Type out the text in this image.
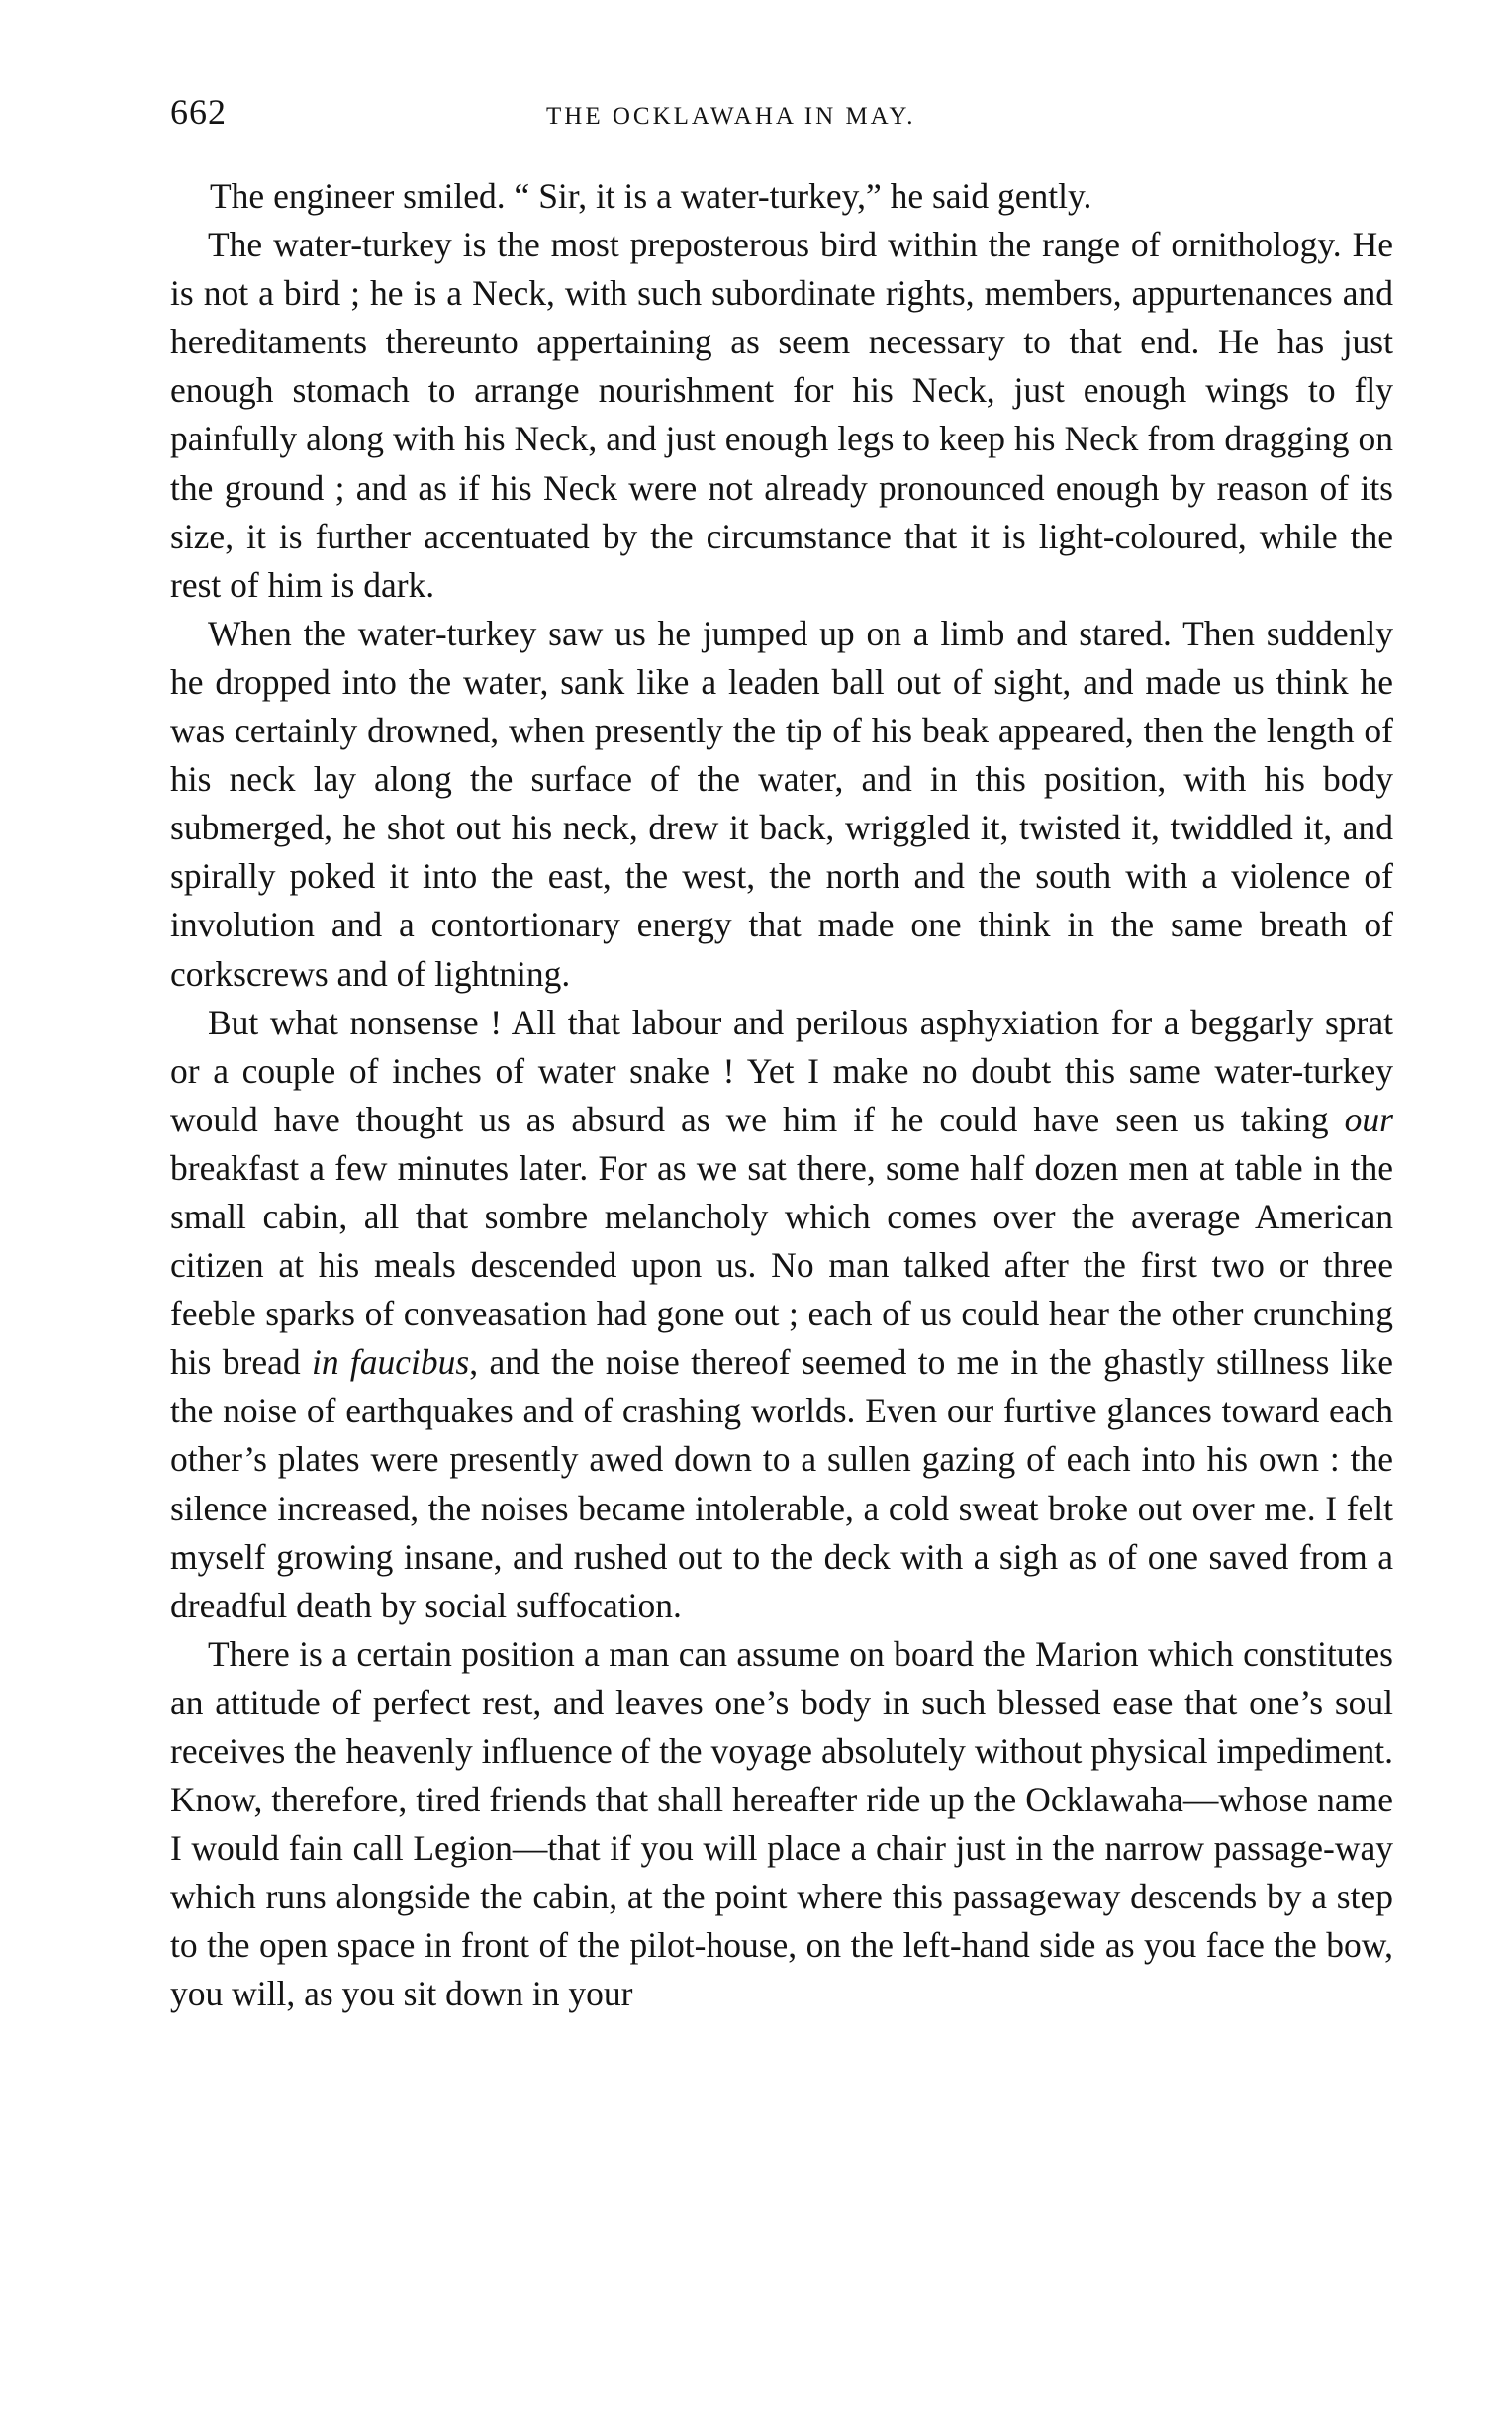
662	THE OCKLAWAHA IN MAY.

The engineer smiled. “ Sir, it is a water-turkey,” he said gently.

The water-turkey is the most preposterous bird within the range of ornithology. He is not a bird ; he is a Neck, with such subordinate rights, members, appurtenances and hereditaments thereunto appertaining as seem necessary to that end. He has just enough stomach to arrange nourishment for his Neck, just enough wings to fly painfully along with his Neck, and just enough legs to keep his Neck from dragging on the ground ; and as if his Neck were not already pronounced enough by reason of its size, it is further accentuated by the circumstance that it is light-coloured, while the rest of him is dark.

When the water-turkey saw us he jumped up on a limb and stared. Then suddenly he dropped into the water, sank like a leaden ball out of sight, and made us think he was certainly drowned, when presently the tip of his beak appeared, then the length of his neck lay along the surface of the water, and in this position, with his body submerged, he shot out his neck, drew it back, wriggled it, twisted it, twiddled it, and spirally poked it into the east, the west, the north and the south with a violence of involution and a contortionary energy that made one think in the same breath of corkscrews and of lightning.

But what nonsense ! All that labour and perilous asphyxiation for a beggarly sprat or a couple of inches of water snake ! Yet I make no doubt this same water-turkey would have thought us as absurd as we him if he could have seen us taking our breakfast a few minutes later. For as we sat there, some half dozen men at table in the small cabin, all that sombre melancholy which comes over the average American citizen at his meals descended upon us. No man talked after the first two or three feeble sparks of conveasation had gone out ; each of us could hear the other crunching his bread in faucibus, and the noise thereof seemed to me in the ghastly stillness like the noise of earthquakes and of crashing worlds. Even our furtive glances toward each other’s plates were presently awed down to a sullen gazing of each into his own : the silence increased, the noises became intolerable, a cold sweat broke out over me. I felt myself growing insane, and rushed out to the deck with a sigh as of one saved from a dreadful death by social suffocation.

There is a certain position a man can assume on board the Marion which constitutes an attitude of perfect rest, and leaves one’s body in such blessed ease that one’s soul receives the heavenly influence of the voyage absolutely without physical impediment. Know, therefore, tired friends that shall hereafter ride up the Ocklawaha—whose name I would fain call Legion—that if you will place a chair just in the narrow passage-way which runs alongside the cabin, at the point where this passageway descends by a step to the open space in front of the pilot-house, on the left-hand side as you face the bow, you will, as you sit down in your
